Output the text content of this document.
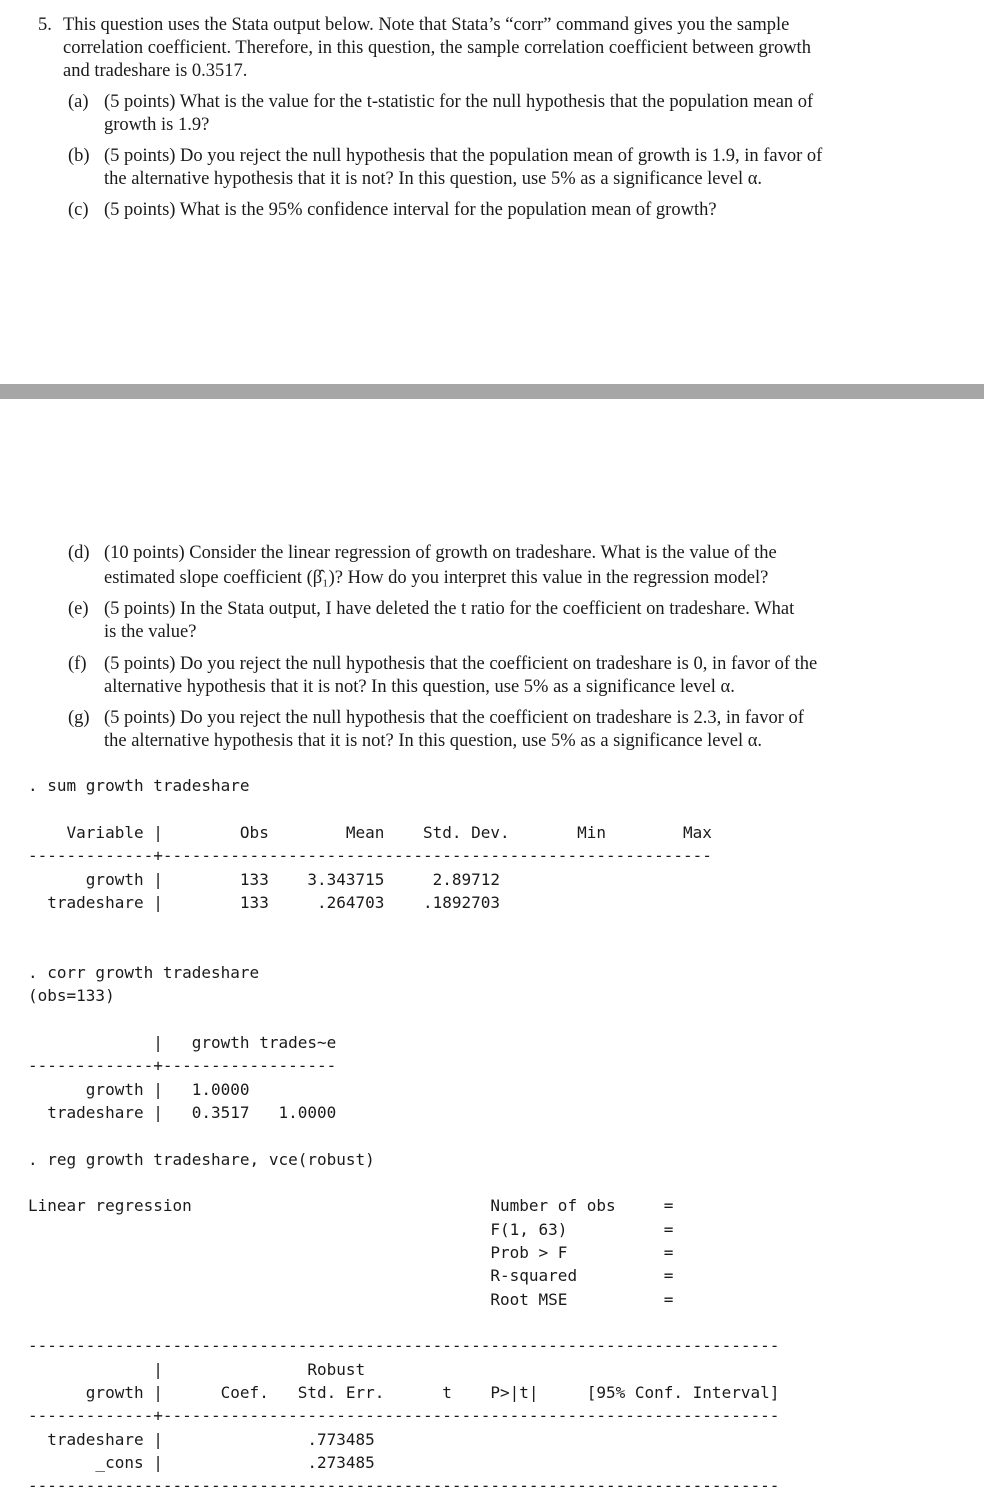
5. This question uses the Stata output below. Note that Stata’s “corr” command gives you the sample
correlation coefficient. Therefore, in this question, the sample correlation coefficient between growth
and tradeshare is 0.3517.
(a) (5 points) What is the value for the t-statistic for the null hypothesis that the population mean of
growth is 1.9?
(b) (5 points) Do you reject the null hypothesis that the population mean of growth is 1.9, in favor of
the alternative hypothesis that it is not? In this question, use 5% as a significance level α.
(c) (5 points) What is the 95% confidence interval for the population mean of growth?
(d) (10 points) Consider the linear regression of growth on tradeshare. What is the value of the
estimated slope coefficient (β̂₁)? How do you interpret this value in the regression model?
(e) (5 points) In the Stata output, I have deleted the t ratio for the coefficient on tradeshare. What
is the value?
(f) (5 points) Do you reject the null hypothesis that the coefficient on tradeshare is 0, in favor of the
alternative hypothesis that it is not? In this question, use 5% as a significance level α.
(g) (5 points) Do you reject the null hypothesis that the coefficient on tradeshare is 2.3, in favor of
the alternative hypothesis that it is not? In this question, use 5% as a significance level α.
. sum growth tradeshare
Variable |        Obs        Mean    Std. Dev.       Min        Max
-------------+---------------------------------------------------------
growth |        133    3.343715     2.89712
tradeshare |        133     .264703    .1892703
. corr growth tradeshare
(obs=133)
|   growth trades~e
-------------+------------------
growth |   1.0000
tradeshare |   0.3517   1.0000
. reg growth tradeshare, vce(robust)
Linear regression                               Number of obs     =
F(1, 63)          =
Prob > F          =
R-squared         =
Root MSE          =
------------------------------------------------------------------------------
|               Robust
growth |      Coef.   Std. Err.      t    P>|t|     [95% Conf. Interval]
-------------+----------------------------------------------------------------
tradeshare |               .773485
_cons |               .273485
------------------------------------------------------------------------------
